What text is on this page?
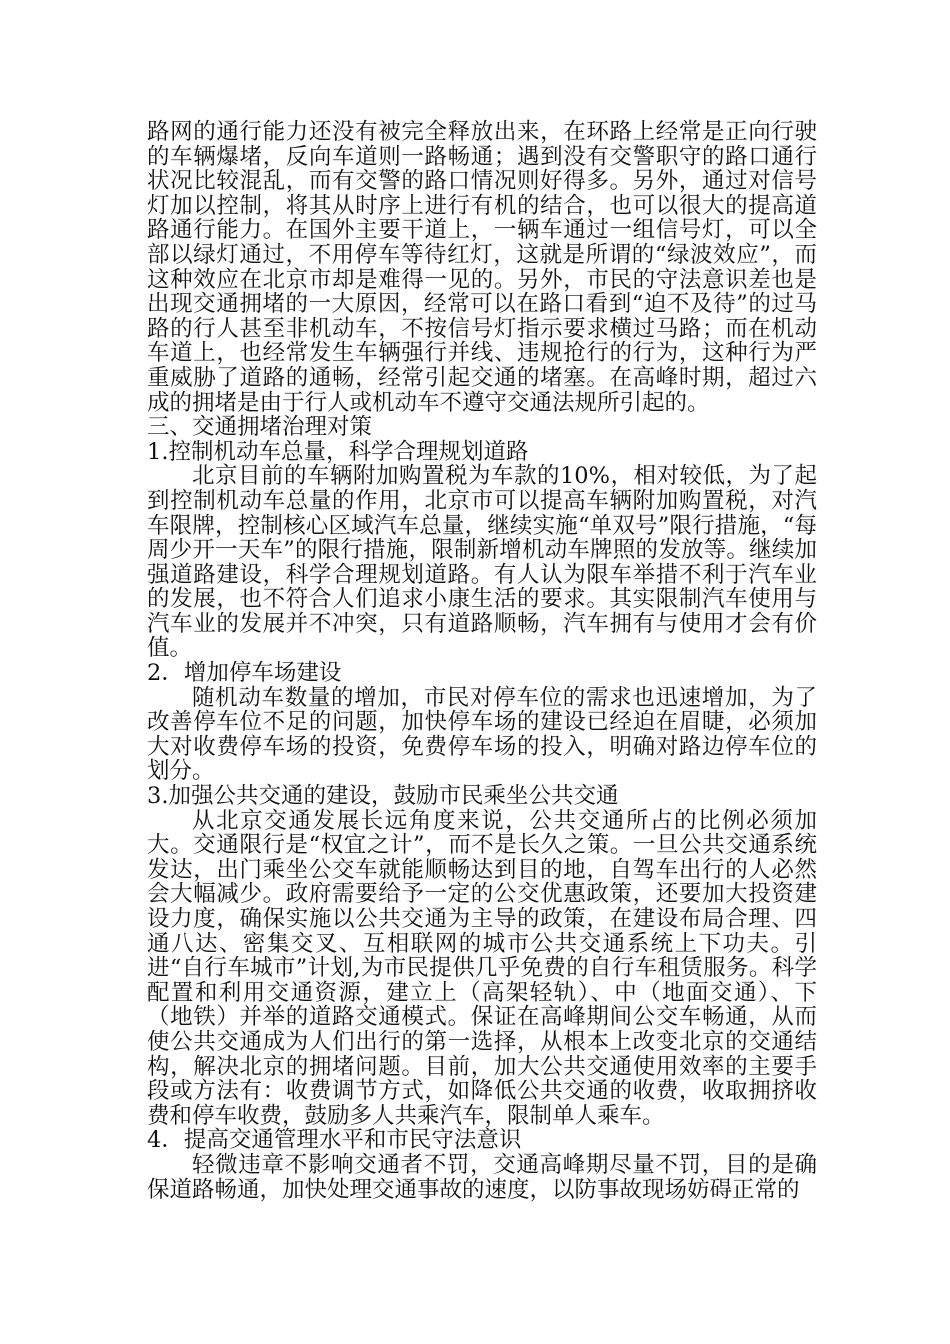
路网的通行能力还没有被完全释放出来，在环路上经常是正向行驶的车辆爆堵，反向车道则一路畅通；遇到没有交警职守的路口通行状况比较混乱，而有交警的路口情况则好得多。另外，通过对信号灯加以控制，将其从时序上进行有机的结合，也可以很大的提高道路通行能力。在国外主要干道上，一辆车通过一组信号灯，可以全部以绿灯通过，不用停车等待红灯，这就是所谓的“绿波效应”，而这种效应在北京市却是难得一见的。另外，市民的守法意识差也是出现交通拥堵的一大原因，经常可以在路口看到“迫不及待”的过马路的行人甚至非机动车，不按信号灯指示要求横过马路；而在机动车道上，也经常发生车辆强行并线、违规抢行的行为，这种行为严重威胁了道路的通畅，经常引起交通的堵塞。在高峰时期，超过六成的拥堵是由于行人或机动车不遵守交通法规所引起的。

三、交通拥堵治理对策

1.控制机动车总量，科学合理规划道路

北京目前的车辆附加购置税为车款的10%，相对较低，为了起到控制机动车总量的作用，北京市可以提高车辆附加购置税，对汽车限牌，控制核心区域汽车总量，继续实施“单双号”限行措施，“每周少开一天车”的限行措施，限制新增机动车牌照的发放等。继续加强道路建设，科学合理规划道路。有人认为限车举措不利于汽车业的发展，也不符合人们追求小康生活的要求。其实限制汽车使用与汽车业的发展并不冲突，只有道路顺畅，汽车拥有与使用才会有价值。

2．增加停车场建设

随机动车数量的增加，市民对停车位的需求也迅速增加，为了改善停车位不足的问题，加快停车场的建设已经迫在眉睫，必须加大对收费停车场的投资，免费停车场的投入，明确对路边停车位的划分。

3.加强公共交通的建设，鼓励市民乘坐公共交通

从北京交通发展长远角度来说，公共交通所占的比例必须加大。交通限行是“权宜之计”，而不是长久之策。一旦公共交通系统发达，出门乘坐公交车就能顺畅达到目的地，自驾车出行的人必然会大幅减少。政府需要给予一定的公交优惠政策，还要加大投资建设力度，确保实施以公共交通为主导的政策，在建设布局合理、四通八达、密集交叉、互相联网的城市公共交通系统上下功夫。引进“自行车城市”计划,为市民提供几乎免费的自行车租赁服务。科学配置和利用交通资源，建立上（高架轻轨）、中（地面交通）、下（地铁）并举的道路交通模式。保证在高峰期间公交车畅通，从而使公共交通成为人们出行的第一选择，从根本上改变北京的交通结构，解决北京的拥堵问题。目前，加大公共交通使用效率的主要手段或方法有：收费调节方式，如降低公共交通的收费，收取拥挤收费和停车收费，鼓励多人共乘汽车，限制单人乘车。

4．提高交通管理水平和市民守法意识

轻微违章不影响交通者不罚，交通高峰期尽量不罚，目的是确保道路畅通，加快处理交通事故的速度，以防事故现场妨碍正常的
